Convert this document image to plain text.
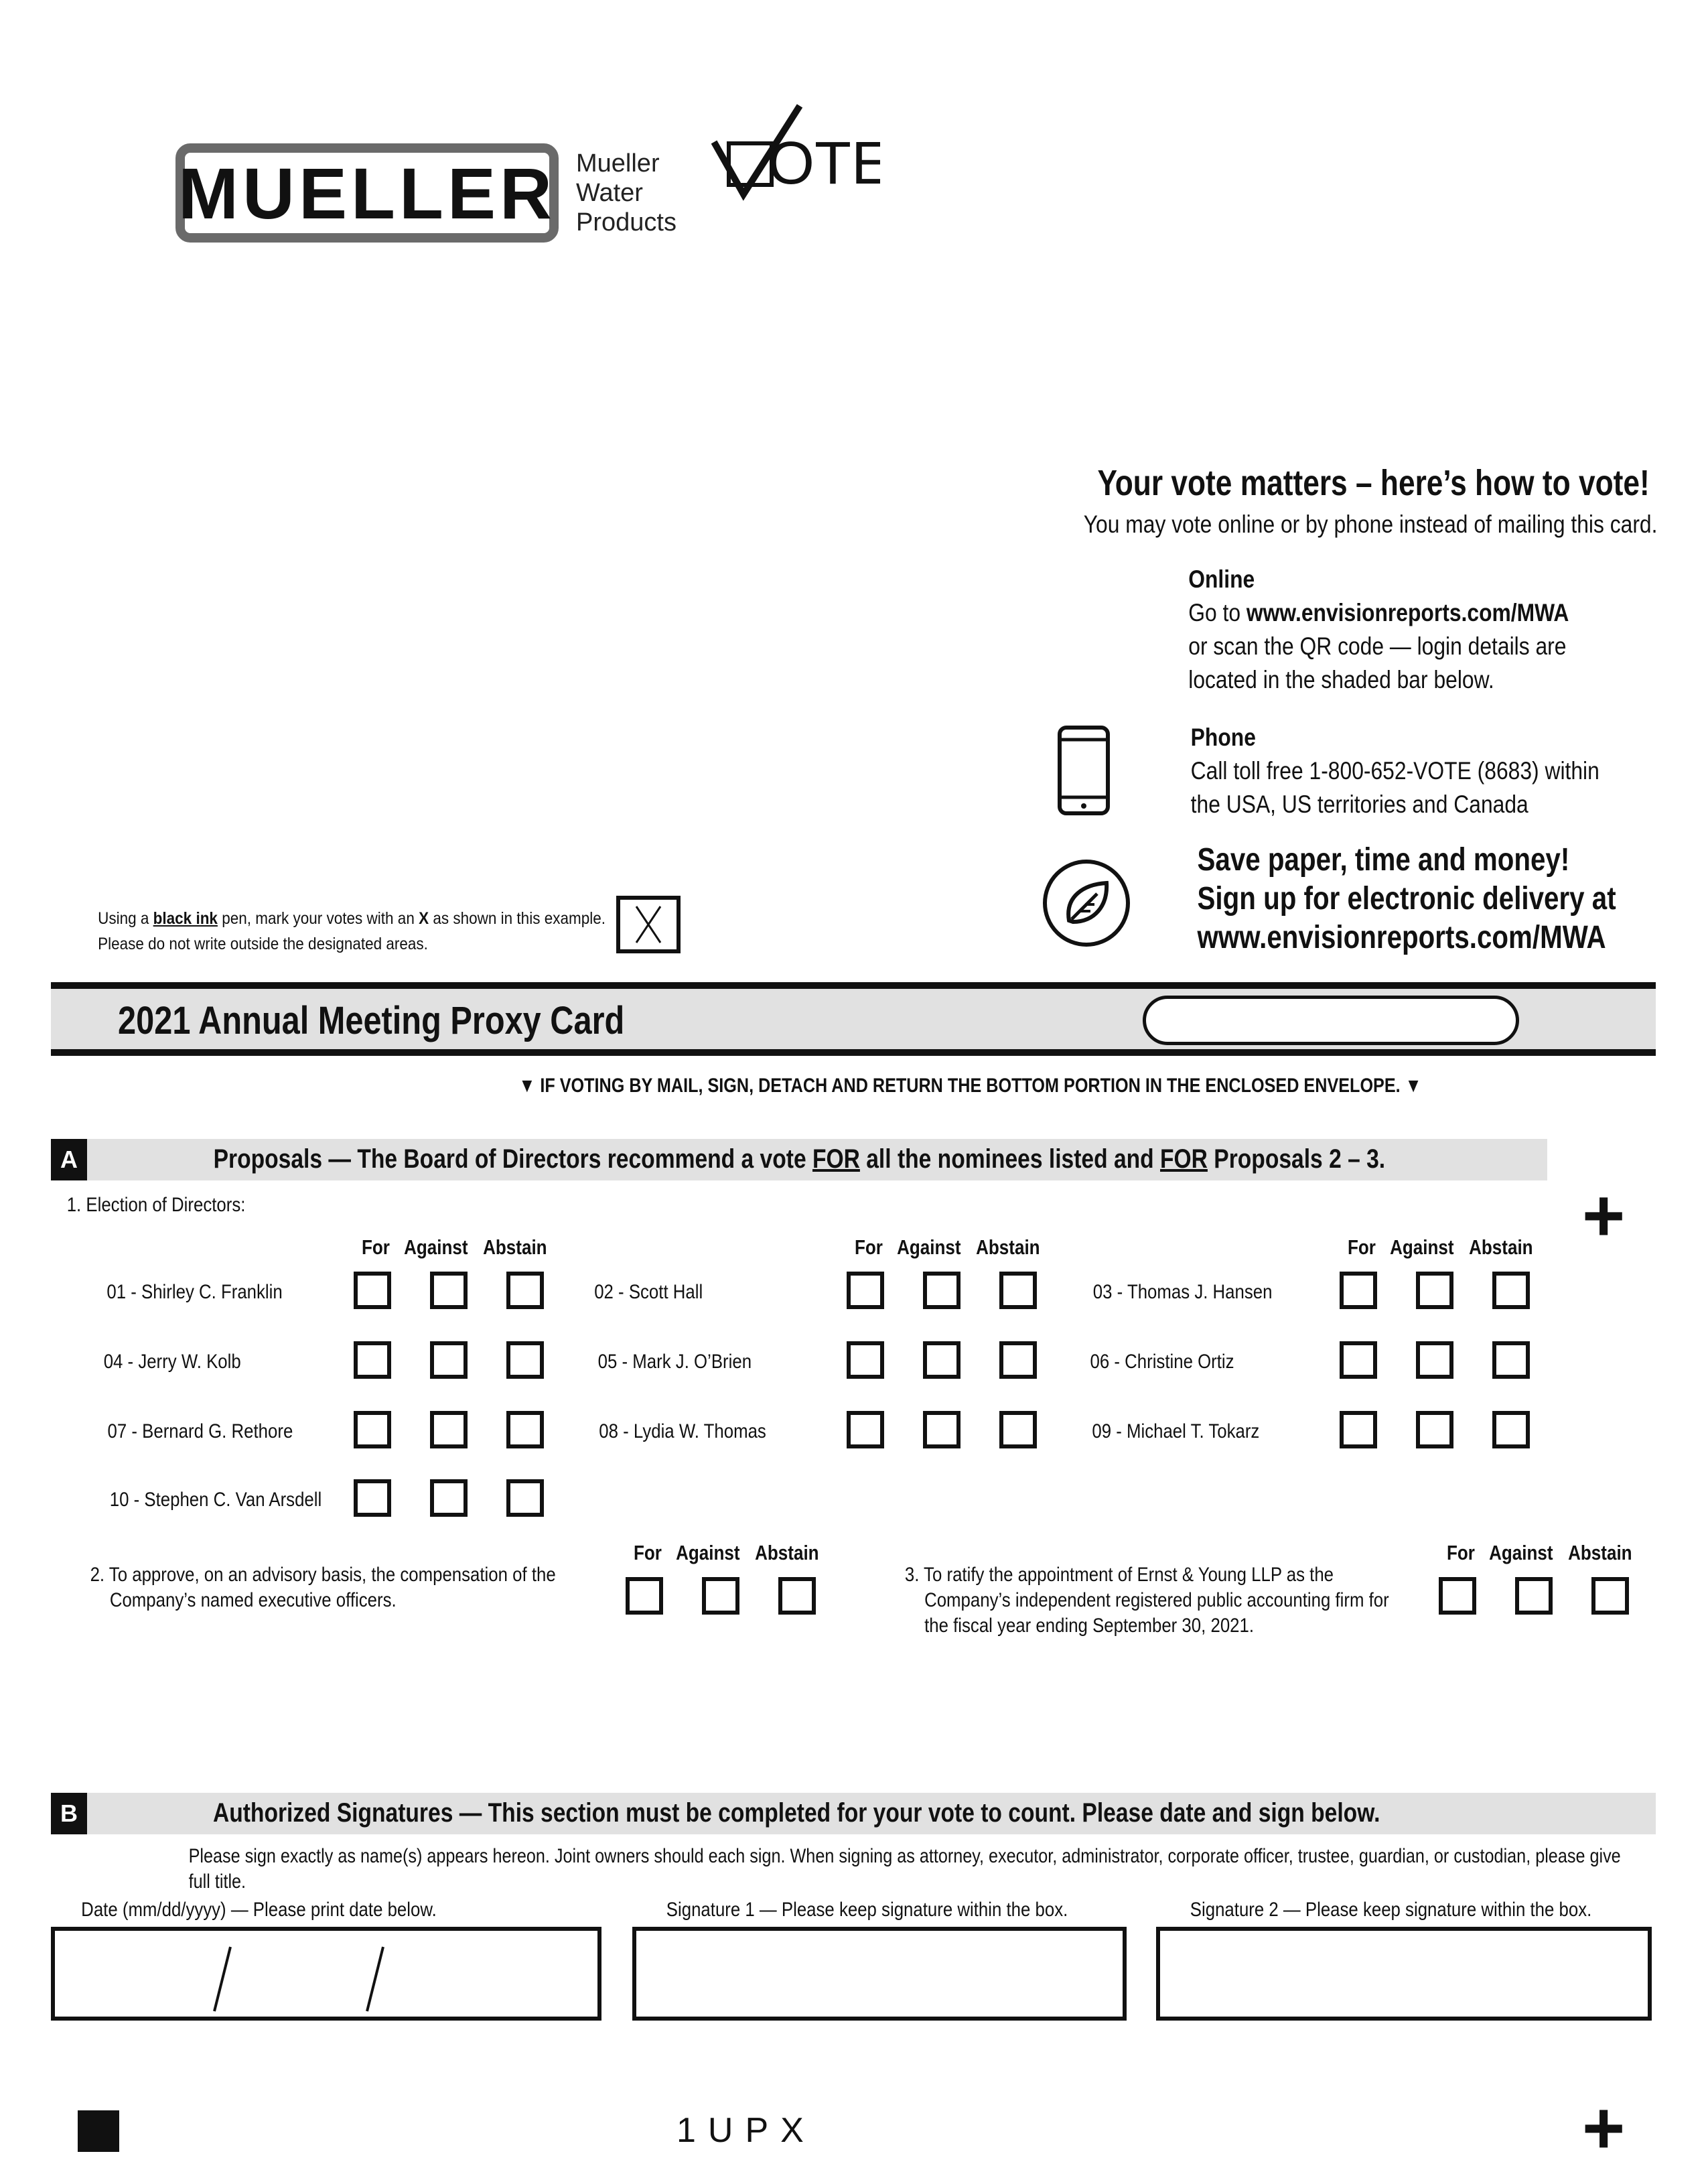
MUELLER Mueller
Water
Products
OTE
Your vote matters – here’s how to vote!
You may vote online or by phone instead of mailing this card.
Online
Go to www.envisionreports.com/MWA
or scan the QR code — login details are
located in the shaded bar below.
Phone
Call toll free 1-800-652-VOTE (8683) within
the USA, US territories and Canada
Save paper, time and money!
Sign up for electronic delivery at
www.envisionreports.com/MWA
Using a black ink pen, mark your votes with an X as shown in this example.
Please do not write outside the designated areas.
2021 Annual Meeting Proxy Card
▼ IF VOTING BY MAIL, SIGN, DETACH AND RETURN THE BOTTOM PORTION IN THE ENCLOSED ENVELOPE. ▼
A	Proposals — The Board of Directors recommend a vote FOR all the nominees listed and FOR Proposals 2 – 3.
1. Election of Directors:	+
For Against Abstain	For Against Abstain	For Against Abstain
01 - Shirley C. Franklin	02 - Scott Hall	03 - Thomas J. Hansen
04 - Jerry W. Kolb	05 - Mark J. O’Brien	06 - Christine Ortiz
07 - Bernard G. Rethore	08 - Lydia W. Thomas	09 - Michael T. Tokarz
10 - Stephen C. Van Arsdell
For Against Abstain	For Against Abstain
2. To approve, on an advisory basis, the compensation of the
Company’s named executive officers.
3. To ratify the appointment of Ernst & Young LLP as the
Company’s independent registered public accounting firm for
the fiscal year ending September 30, 2021.
B	Authorized Signatures — This section must be completed for your vote to count. Please date and sign below.
Please sign exactly as name(s) appears hereon. Joint owners should each sign. When signing as attorney, executor, administrator, corporate officer, trustee, guardian, or custodian, please give
full title.
Date (mm/dd/yyyy) — Please print date below.	Signature 1 — Please keep signature within the box.	Signature 2 — Please keep signature within the box.
1UPX	+
